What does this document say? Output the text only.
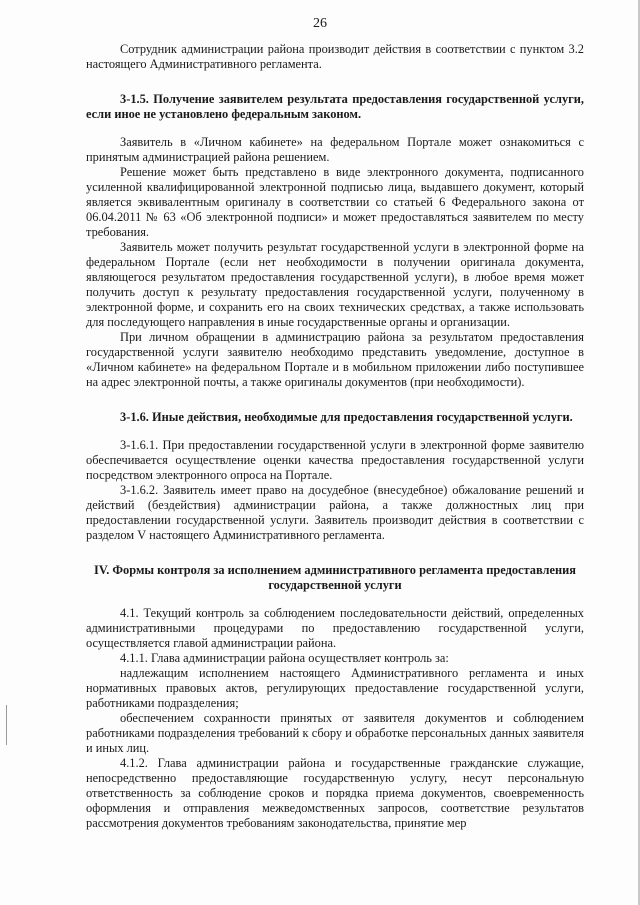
26

Сотрудник администрации района производит действия в соответствии с пунктом 3.2 настоящего Административного регламента.

3-1.5. Получение заявителем результата предоставления государственной услуги, если иное не установлено федеральным законом.

Заявитель в «Личном кабинете» на федеральном Портале может ознакомиться с принятым администрацией района решением.

Решение может быть представлено в виде электронного документа, подписанного усиленной квалифицированной электронной подписью лица, выдавшего документ, который является эквивалентным оригиналу в соответствии со статьей 6 Федерального закона от 06.04.2011 № 63 «Об электронной подписи» и может предоставляться заявителем по месту требования.

Заявитель может получить результат государственной услуги в электронной форме на федеральном Портале (если нет необходимости в получении оригинала документа, являющегося результатом предоставления государственной услуги), в любое время может получить доступ к результату предоставления государственной услуги, полученному в электронной форме, и сохранить его на своих технических средствах, а также использовать для последующего направления в иные государственные органы и организации.

При личном обращении в администрацию района за результатом предоставления государственной услуги заявителю необходимо представить уведомление, доступное в «Личном кабинете» на федеральном Портале и в мобильном приложении либо поступившее на адрес электронной почты, а также оригиналы документов (при необходимости).

3-1.6. Иные действия, необходимые для предоставления государственной услуги.

3-1.6.1. При предоставлении государственной услуги в электронной форме заявителю обеспечивается осуществление оценки качества предоставления государственной услуги посредством электронного опроса на Портале.

3-1.6.2. Заявитель имеет право на досудебное (внесудебное) обжалование решений и действий (бездействия) администрации района, а также должностных лиц при предоставлении государственной услуги. Заявитель производит действия в соответствии с разделом V настоящего Административного регламента.

IV. Формы контроля за исполнением административного регламента предоставления государственной услуги

4.1. Текущий контроль за соблюдением последовательности действий, определенных административными процедурами по предоставлению государственной услуги, осуществляется главой администрации района.

4.1.1. Глава администрации района осуществляет контроль за:

надлежащим исполнением настоящего Административного регламента и иных нормативных правовых актов, регулирующих предоставление государственной услуги, работниками подразделения;

обеспечением сохранности принятых от заявителя документов и соблюдением работниками подразделения требований к сбору и обработке персональных данных заявителя и иных лиц.

4.1.2. Глава администрации района и государственные гражданские служащие, непосредственно предоставляющие государственную услугу, несут персональную ответственность за соблюдение сроков и порядка приема документов, своевременность оформления и отправления межведомственных запросов, соответствие результатов рассмотрения документов требованиям законодательства, принятие мер
